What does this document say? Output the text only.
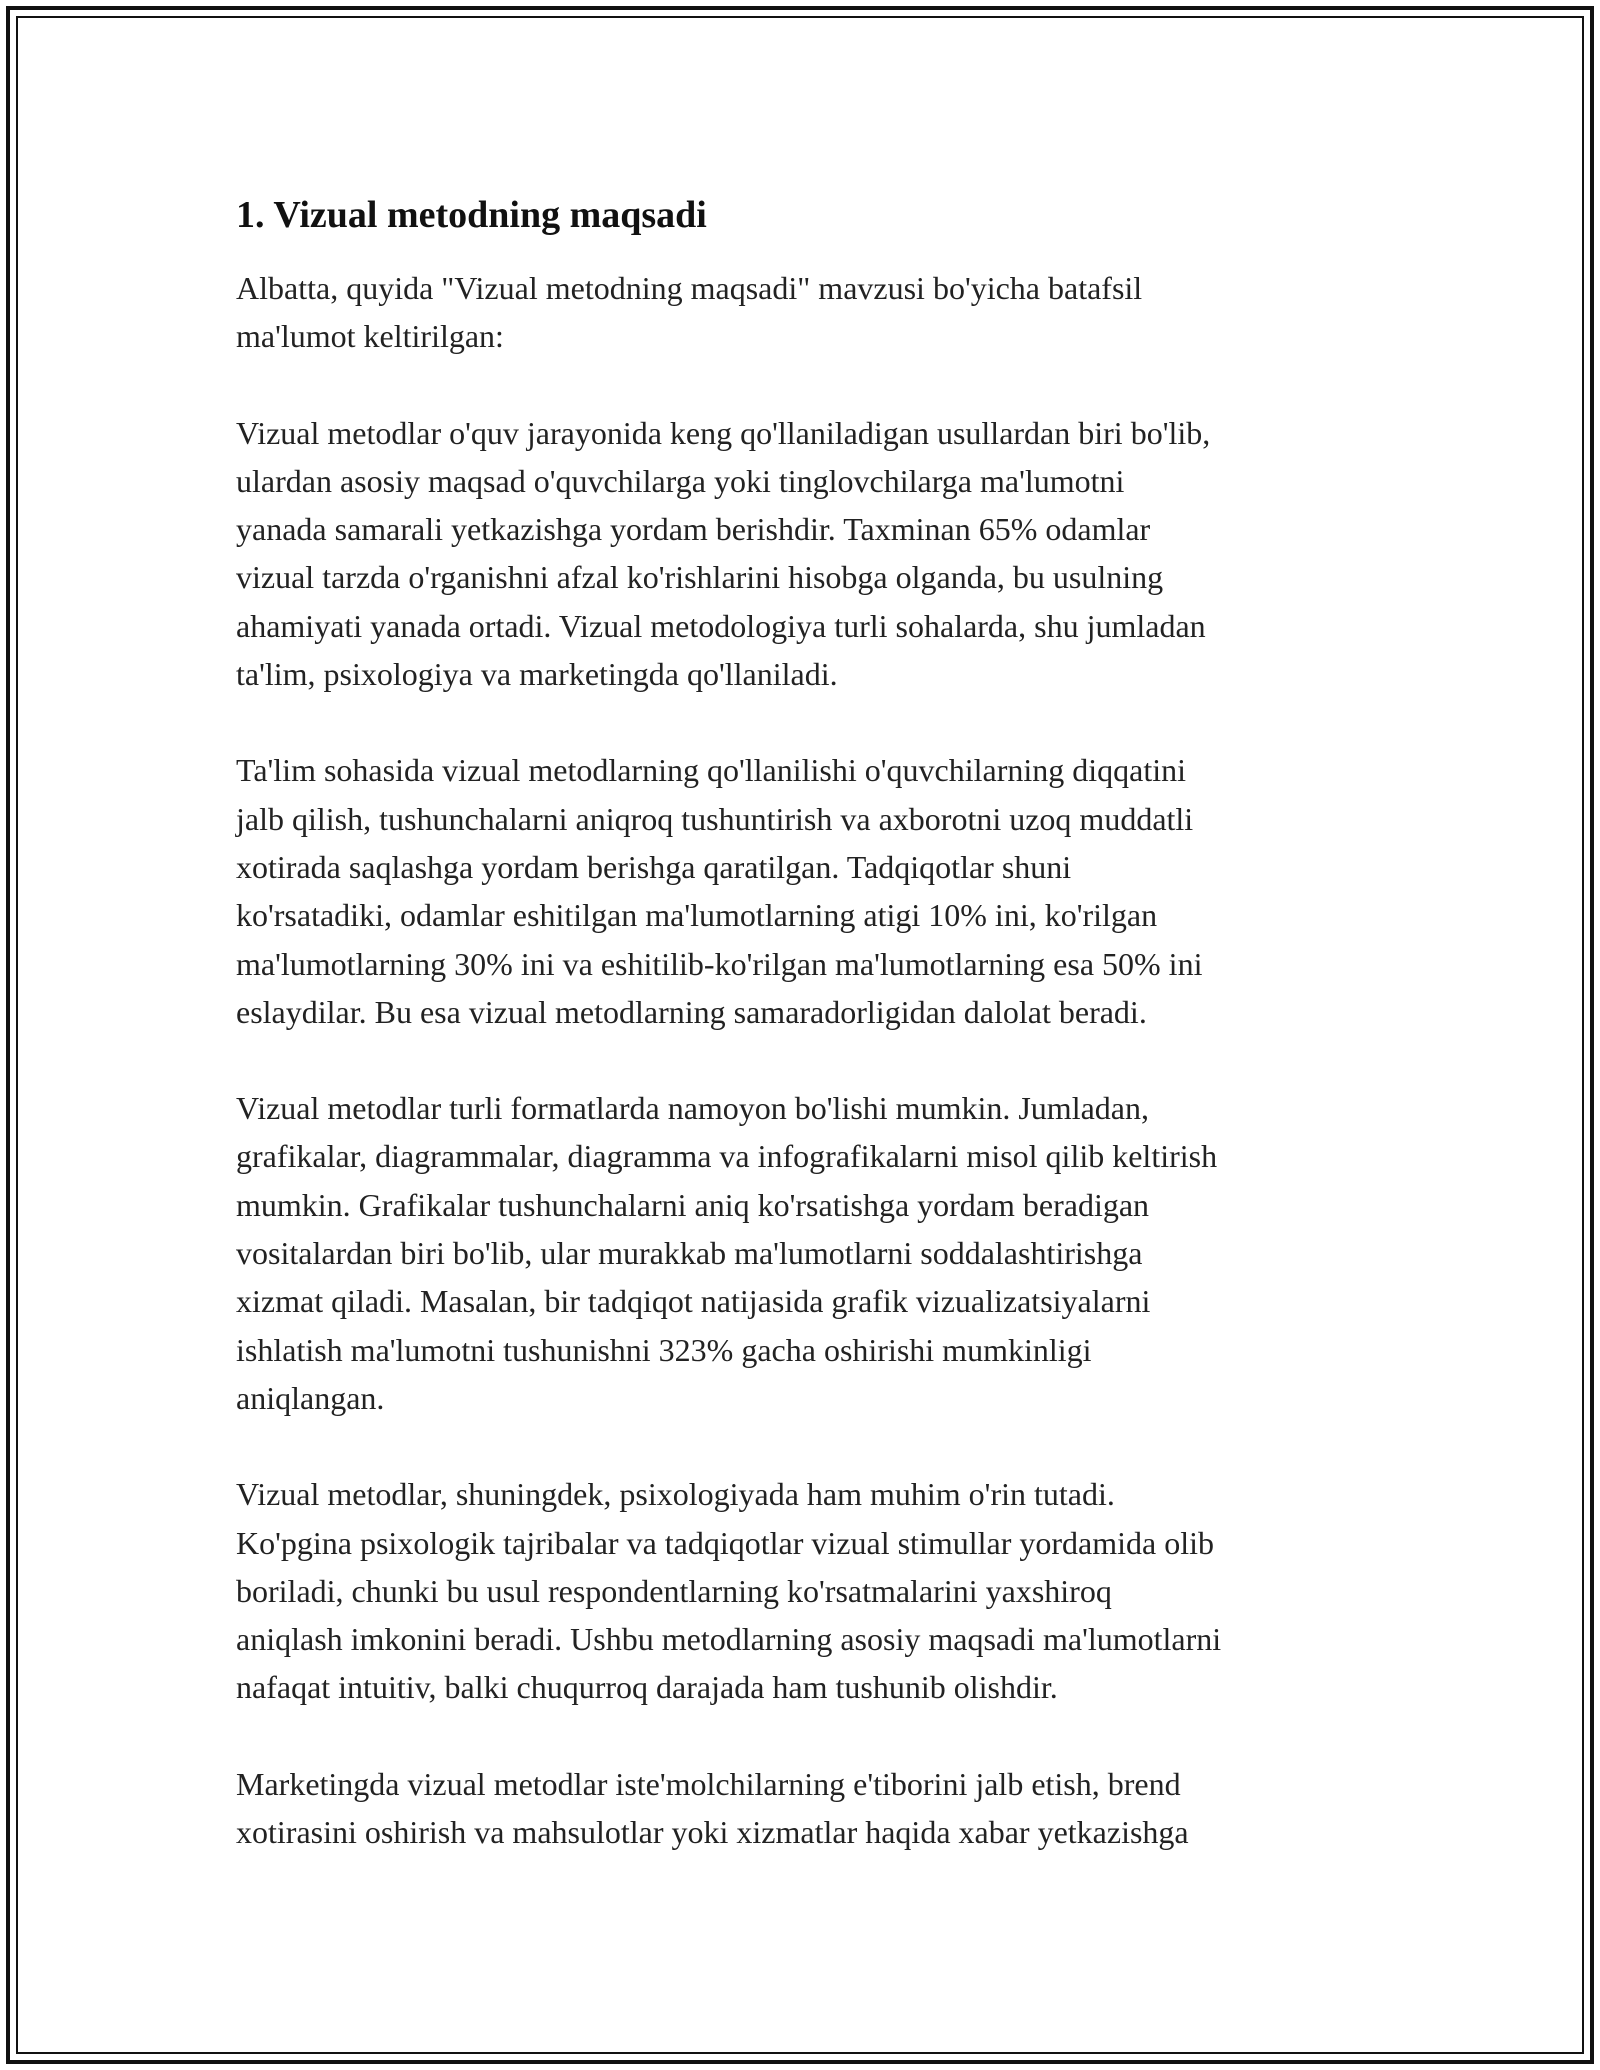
1. Vizual metodning maqsadi

Albatta, quyida "Vizual metodning maqsadi" mavzusi bo'yicha batafsil
ma'lumot keltirilgan:

Vizual metodlar o'quv jarayonida keng qo'llaniladigan usullardan biri bo'lib,
ulardan asosiy maqsad o'quvchilarga yoki tinglovchilarga ma'lumotni
yanada samarali yetkazishga yordam berishdir. Taxminan 65% odamlar
vizual tarzda o'rganishni afzal ko'rishlarini hisobga olganda, bu usulning
ahamiyati yanada ortadi. Vizual metodologiya turli sohalarda, shu jumladan
ta'lim, psixologiya va marketingda qo'llaniladi.

Ta'lim sohasida vizual metodlarning qo'llanilishi o'quvchilarning diqqatini
jalb qilish, tushunchalarni aniqroq tushuntirish va axborotni uzoq muddatli
xotirada saqlashga yordam berishga qaratilgan. Tadqiqotlar shuni
ko'rsatadiki, odamlar eshitilgan ma'lumotlarning atigi 10% ini, ko'rilgan
ma'lumotlarning 30% ini va eshitilib-ko'rilgan ma'lumotlarning esa 50% ini
eslaydilar. Bu esa vizual metodlarning samaradorligidan dalolat beradi.

Vizual metodlar turli formatlarda namoyon bo'lishi mumkin. Jumladan,
grafikalar, diagrammalar, diagramma va infografikalarni misol qilib keltirish
mumkin. Grafikalar tushunchalarni aniq ko'rsatishga yordam beradigan
vositalardan biri bo'lib, ular murakkab ma'lumotlarni soddalashtirishga
xizmat qiladi. Masalan, bir tadqiqot natijasida grafik vizualizatsiyalarni
ishlatish ma'lumotni tushunishni 323% gacha oshirishi mumkinligi
aniqlangan.

Vizual metodlar, shuningdek, psixologiyada ham muhim o'rin tutadi.
Ko'pgina psixologik tajribalar va tadqiqotlar vizual stimullar yordamida olib
boriladi, chunki bu usul respondentlarning ko'rsatmalarini yaxshiroq
aniqlash imkonini beradi. Ushbu metodlarning asosiy maqsadi ma'lumotlarni
nafaqat intuitiv, balki chuqurroq darajada ham tushunib olishdir.

Marketingda vizual metodlar iste'molchilarning e'tiborini jalb etish, brend
xotirasini oshirish va mahsulotlar yoki xizmatlar haqida xabar yetkazishga
